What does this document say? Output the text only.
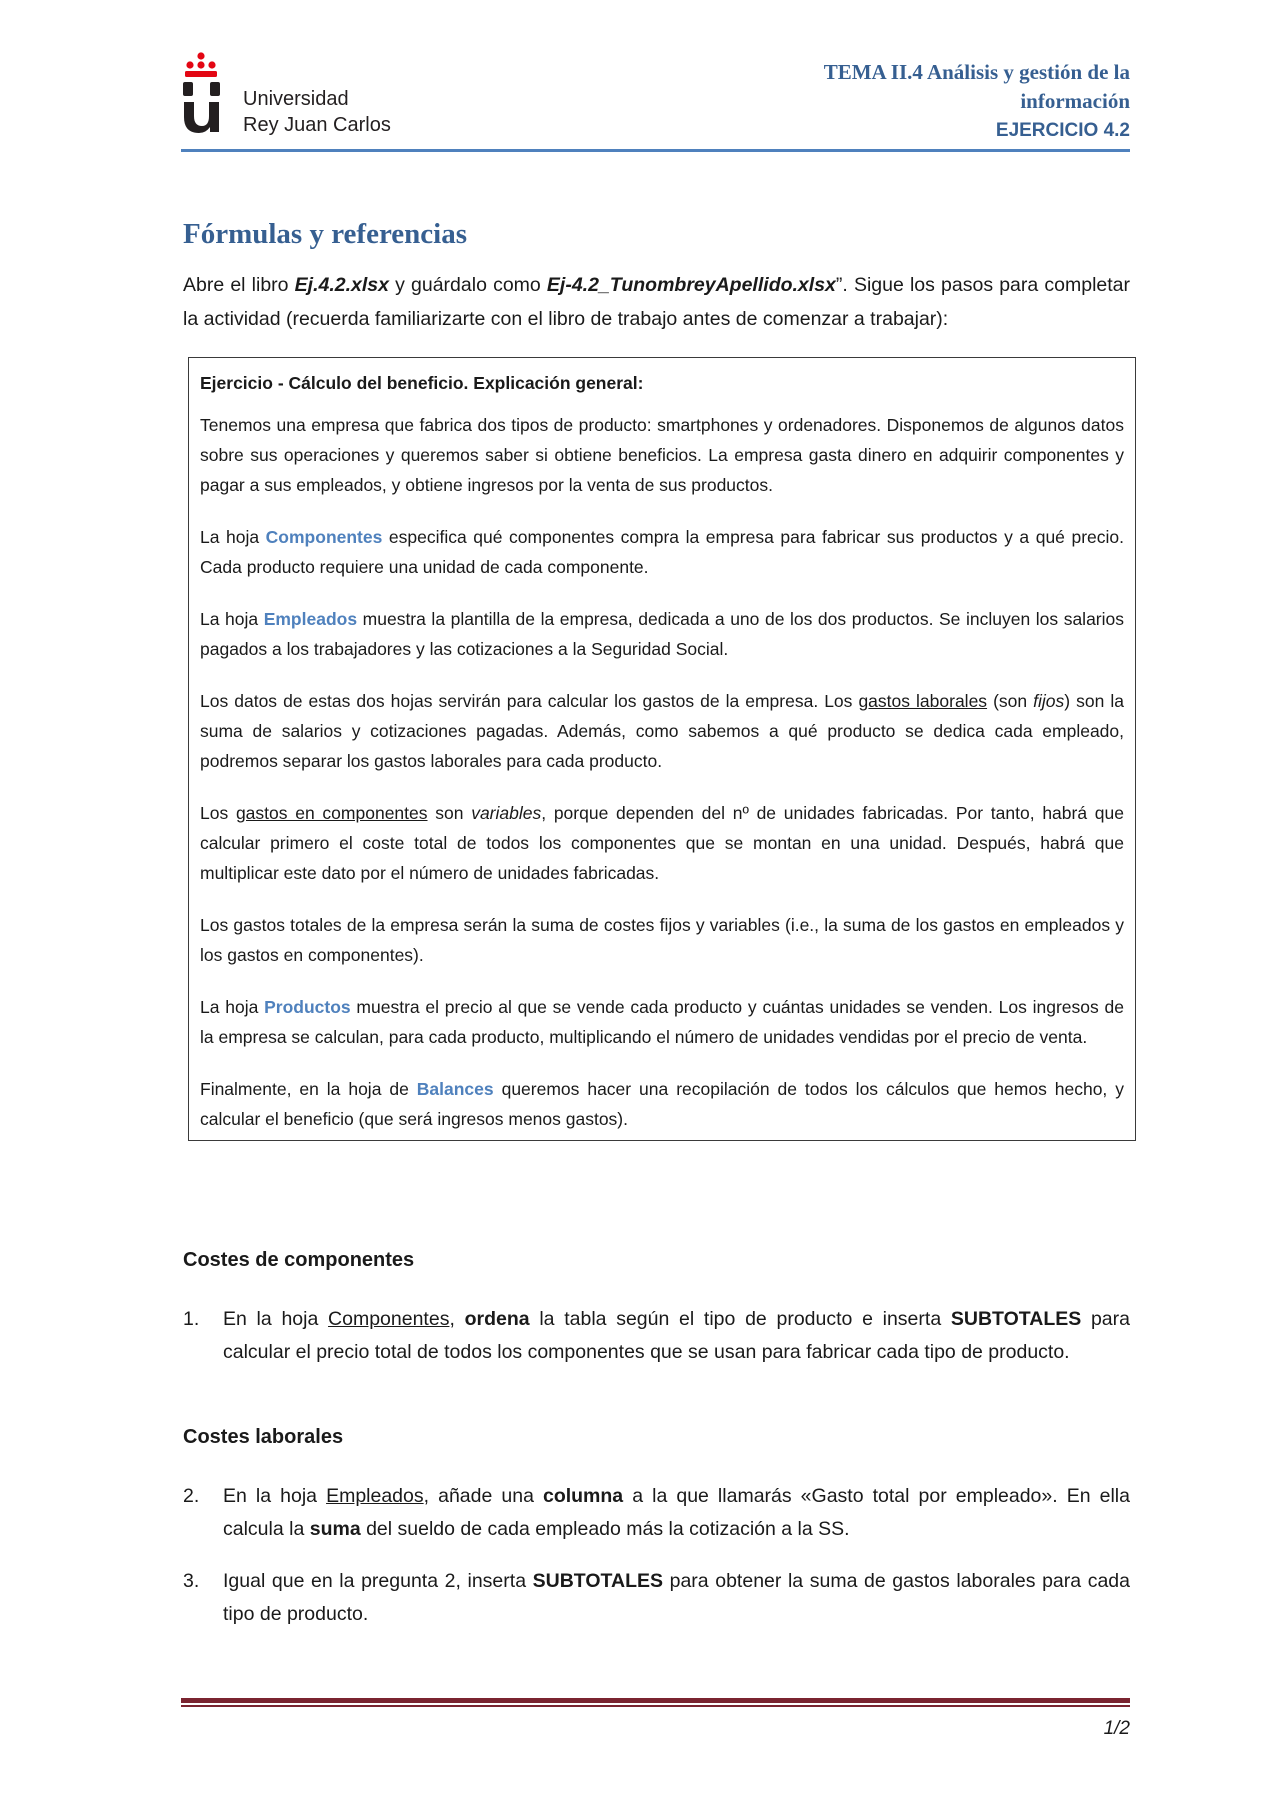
Universidad
Rey Juan Carlos
TEMA II.4 Análisis y gestión de la
información
EJERCICIO 4.2
Fórmulas y referencias

Abre el libro Ej.4.2.xlsx y guárdalo como Ej-4.2_TunombreyApellido.xlsx”. Sigue los pasos para completar la actividad (recuerda familiarizarte con el libro de trabajo antes de comenzar a trabajar):

Ejercicio - Cálculo del beneficio. Explicación general:

Tenemos una empresa que fabrica dos tipos de producto: smartphones y ordenadores. Disponemos de algunos datos sobre sus operaciones y queremos saber si obtiene beneficios. La empresa gasta dinero en adquirir componentes y pagar a sus empleados, y obtiene ingresos por la venta de sus productos.

La hoja Componentes especifica qué componentes compra la empresa para fabricar sus productos y a qué precio. Cada producto requiere una unidad de cada componente.

La hoja Empleados muestra la plantilla de la empresa, dedicada a uno de los dos productos. Se incluyen los salarios pagados a los trabajadores y las cotizaciones a la Seguridad Social.

Los datos de estas dos hojas servirán para calcular los gastos de la empresa. Los gastos laborales (son fijos) son la suma de salarios y cotizaciones pagadas. Además, como sabemos a qué producto se dedica cada empleado, podremos separar los gastos laborales para cada producto.

Los gastos en componentes son variables, porque dependen del nº de unidades fabricadas. Por tanto, habrá que calcular primero el coste total de todos los componentes que se montan en una unidad. Después, habrá que multiplicar este dato por el número de unidades fabricadas.

Los gastos totales de la empresa serán la suma de costes fijos y variables (i.e., la suma de los gastos en empleados y los gastos en componentes).

La hoja Productos muestra el precio al que se vende cada producto y cuántas unidades se venden. Los ingresos de la empresa se calculan, para cada producto, multiplicando el número de unidades vendidas por el precio de venta.

Finalmente, en la hoja de Balances queremos hacer una recopilación de todos los cálculos que hemos hecho, y calcular el beneficio (que será ingresos menos gastos).

Costes de componentes
1.	En la hoja Componentes, ordena la tabla según el tipo de producto e inserta SUBTOTALES para calcular el precio total de todos los componentes que se usan para fabricar cada tipo de producto.
Costes laborales
2.	En la hoja Empleados, añade una columna a la que llamarás «Gasto total por empleado». En ella calcula la suma del sueldo de cada empleado más la cotización a la SS.
3.	Igual que en la pregunta 2, inserta SUBTOTALES para obtener la suma de gastos laborales para cada tipo de producto.
1/2
